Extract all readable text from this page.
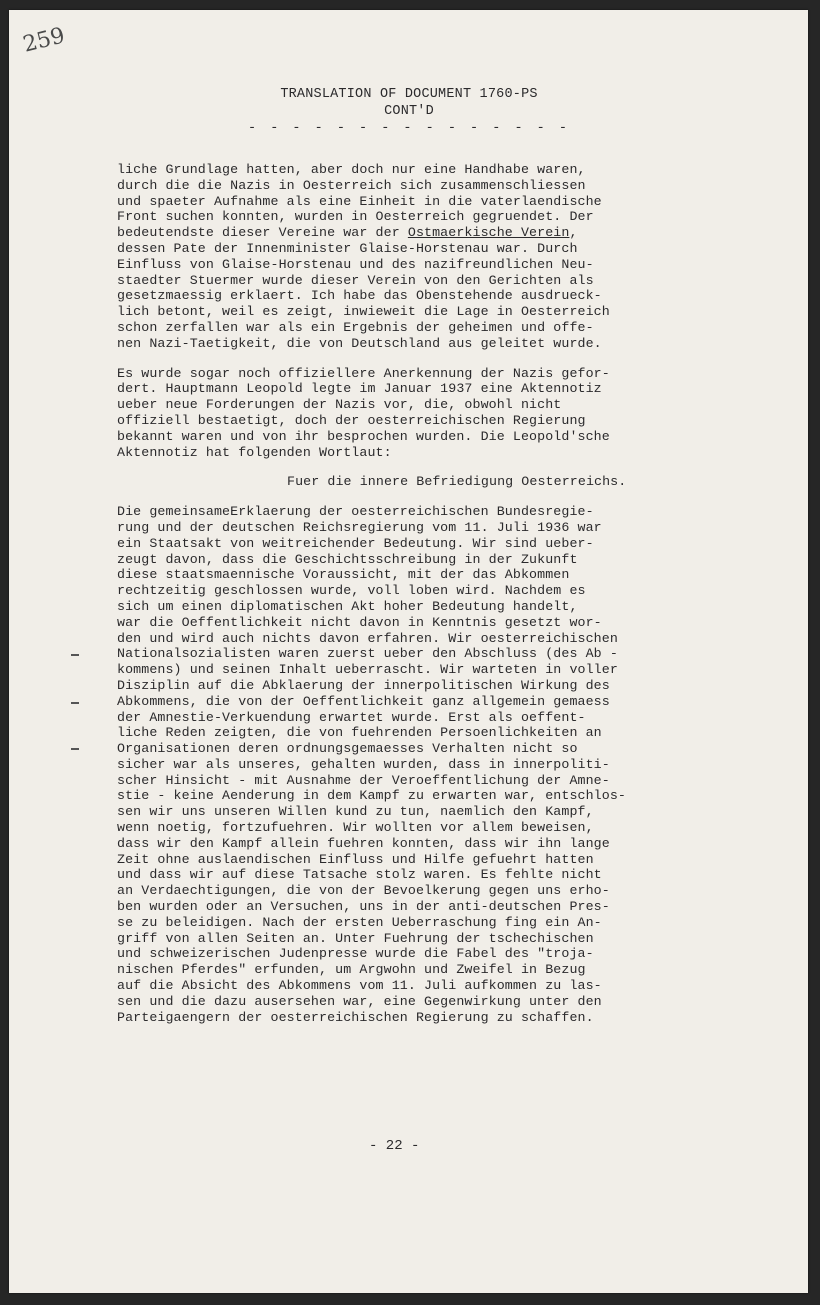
259
TRANSLATION OF DOCUMENT 1760-PS
CONT'D
- - - - - - - - - - - - - - -
liche Grundlage hatten, aber doch nur eine Handhabe waren,
durch die die Nazis in Oesterreich sich zusammenschliessen
und spaeter Aufnahme als eine Einheit in die vaterlaendische
Front suchen konnten, wurden in Oesterreich gegruendet. Der
bedeutendste dieser Vereine war der Ostmaerkische Verein,
dessen Pate der Innenminister Glaise-Horstenau war. Durch
Einfluss von Glaise-Horstenau und des nazifreundlichen Neu-
staedter Stuermer wurde dieser Verein von den Gerichten als
gesetzmaessig erklaert. Ich habe das Obenstehende ausdrueck-
lich betont, weil es zeigt, inwieweit die Lage in Oesterreich
schon zerfallen war als ein Ergebnis der geheimen und offe-
nen Nazi-Taetigkeit, die von Deutschland aus geleitet wurde.
Es wurde sogar noch offiziellere Anerkennung der Nazis gefor-
dert. Hauptmann Leopold legte im Januar 1937 eine Aktennotiz
ueber neue Forderungen der Nazis vor, die, obwohl nicht
offiziell bestaetigt, doch der oesterreichischen Regierung
bekannt waren und von ihr besprochen wurden. Die Leopold'sche
Aktennotiz hat folgenden Wortlaut:
Fuer die innere Befriedigung Oesterreichs.
Die gemeinsameErklaerung der oesterreichischen Bundesregie-
rung und der deutschen Reichsregierung vom 11. Juli 1936 war
ein Staatsakt von weitreichender Bedeutung. Wir sind ueber-
zeugt davon, dass die Geschichtsschreibung in der Zukunft
diese staatsmaennische Voraussicht, mit der das Abkommen
rechtzeitig geschlossen wurde, voll loben wird. Nachdem es
sich um einen diplomatischen Akt hoher Bedeutung handelt,
war die Oeffentlichkeit nicht davon in Kenntnis gesetzt wor-
den und wird auch nichts davon erfahren. Wir oesterreichischen
Nationalsozialisten waren zuerst ueber den Abschluss (des Ab -
kommens) und seinen Inhalt ueberrascht. Wir warteten in voller
Disziplin auf die Abklaerung der innerpolitischen Wirkung des
Abkommens, die von der Oeffentlichkeit ganz allgemein gemaess
der Amnestie-Verkuendung erwartet wurde. Erst als oeffent-
liche Reden zeigten, die von fuehrenden Persoenlichkeiten an
Organisationen deren ordnungsgemaesses Verhalten nicht so
sicher war als unseres, gehalten wurden, dass in innerpoliti-
scher Hinsicht - mit Ausnahme der Veroeffentlichung der Amne-
stie - keine Aenderung in dem Kampf zu erwarten war, entschlos-
sen wir uns unseren Willen kund zu tun, naemlich den Kampf,
wenn noetig, fortzufuehren. Wir wollten vor allem beweisen,
dass wir den Kampf allein fuehren konnten, dass wir ihn lange
Zeit ohne auslaendischen Einfluss und Hilfe gefuehrt hatten
und dass wir auf diese Tatsache stolz waren. Es fehlte nicht
an Verdaechtigungen, die von der Bevoelkerung gegen uns erho-
ben wurden oder an Versuchen, uns in der anti-deutschen Pres-
se zu beleidigen. Nach der ersten Ueberraschung fing ein An-
griff von allen Seiten an. Unter Fuehrung der tschechischen
und schweizerischen Judenpresse wurde die Fabel des "troja-
nischen Pferdes" erfunden, um Argwohn und Zweifel in Bezug
auf die Absicht des Abkommens vom 11. Juli aufkommen zu las-
sen und die dazu ausersehen war, eine Gegenwirkung unter den
Parteigaengern der oesterreichischen Regierung zu schaffen.
- 22 -
